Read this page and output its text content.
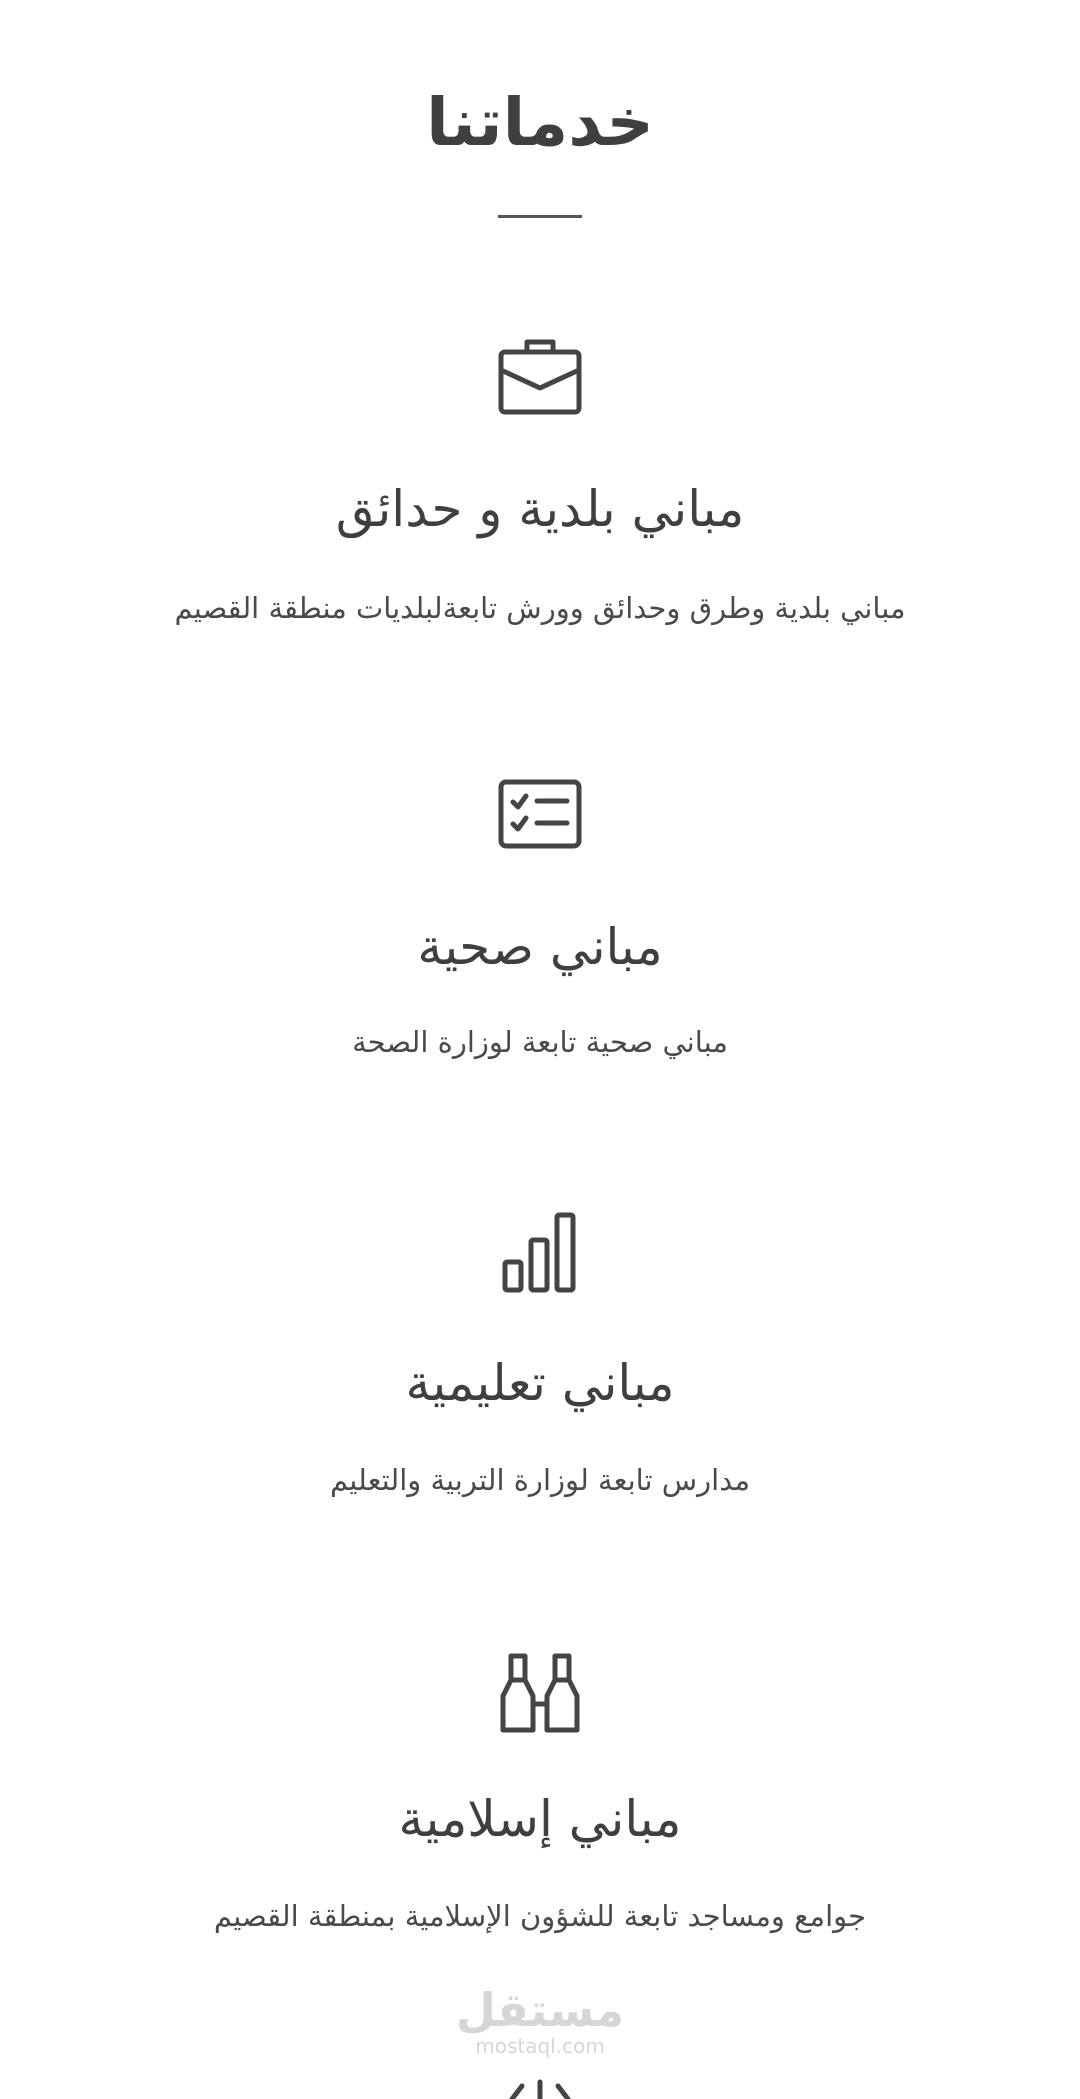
خدماتنا
مباني بلدية و حدائق

مباني بلدية وطرق وحدائق وورش تابعةلبلديات منطقة القصيم

مباني صحية

مباني صحية تابعة لوزارة الصحة

مباني تعليمية

مدارس تابعة لوزارة التربية والتعليم

مباني إسلامية

جوامع ومساجد تابعة للشؤون الإسلامية بمنطقة القصيم

مستقل
mostaql.com
